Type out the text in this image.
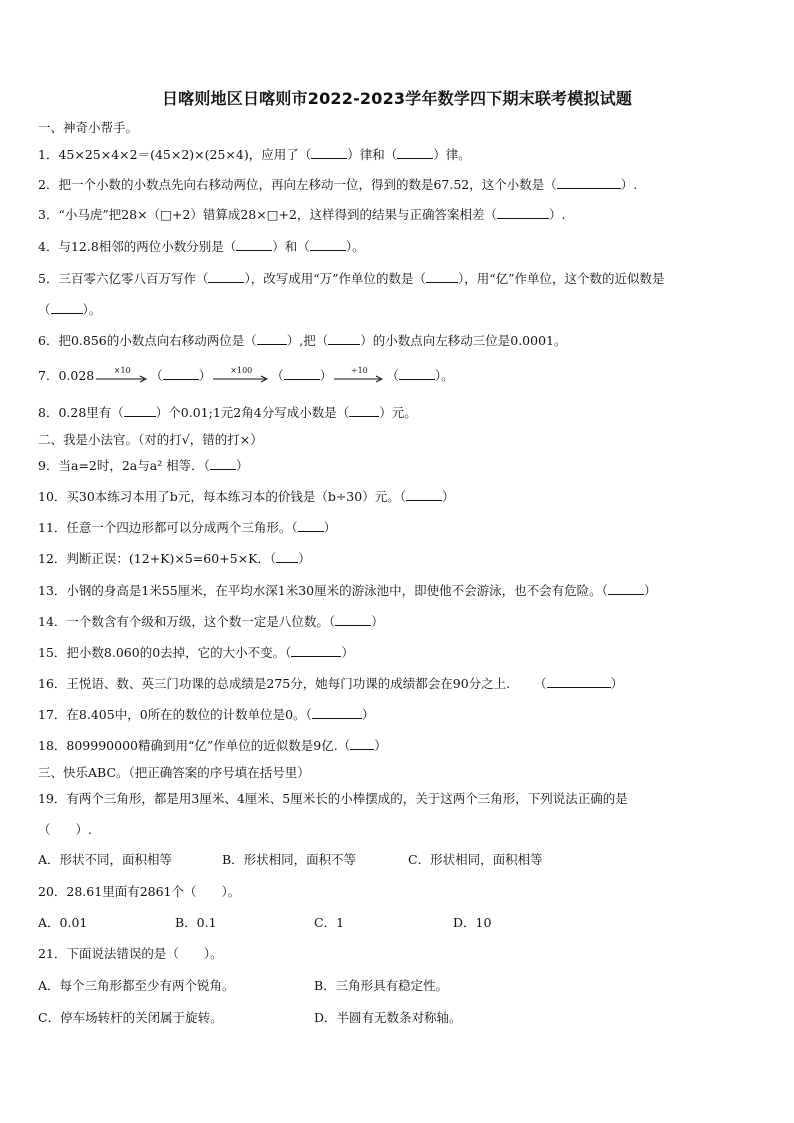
日喀则地区日喀则市2022-2023学年数学四下期末联考模拟试题
一、神奇小帮手。
1．45×25×4×2＝(45×2)×(25×4)，应用了（	）律和（	）律。
2．把一个小数的小数点先向右移动两位，再向左移动一位，得到的数是67.52，这个小数是（	）.
3．“小马虎”把28×（□+2）错算成28×□+2，这样得到的结果与正确答案相差（	）.
4．与12.8相邻的两位小数分别是（	）和（	）。
5．三百零六亿零八百万写作（	），改写成用“万”作单位的数是（	），用“亿”作单位，这个数的近似数是
（	）。
6．把0.856的小数点向右移动两位是（ ）,把（	）的小数点向左移动三位是0.0001。
7．0.028	×10	（	）	×100	（	）	÷10	（	）。
8．0.28里有（	）个0.01;1元2角4分写成小数是（ ）元。
二、我是小法官。（对的打√，错的打×）
9．当a=2时，2a与a² 相等．（ ）
10．买30本练习本用了b元，每本练习本的价钱是（b÷30）元。（	）
11．任意一个四边形都可以分成两个三角形。（ ）
12．判断正误：(12+K)×5=60+5×K．（ ）
13．小钢的身高是1米55厘米，在平均水深1米30厘米的游泳池中，即使他不会游泳，也不会有危险。（	）
14．一个数含有个级和万级，这个数一定是八位数。（	）
15．把小数8.060的0去掉，它的大小不变。（	）
16．王悦语、数、英三门功课的总成绩是275分，她每门功课的成绩都会在90分之上. （	）
17．在8.405中，0所在的数位的计数单位是0。（	）
18．809990000精确到用“亿”作单位的近似数是9亿.（ ）
三、快乐ABC。（把正确答案的序号填在括号里）
19．有两个三角形，都是用3厘米、4厘米、5厘米长的小棒摆成的，关于这两个三角形，下列说法正确的是
（　　）.
A．形状不同，面积相等	B．形状相同，面积不等	C．形状相同，面积相等
20．28.61里面有2861个（　　）。
A．0.01	B．0.1	C．1	D．10
21．下面说法错误的是（　　）。
A．每个三角形都至少有两个锐角。	B．三角形具有稳定性。
C．停车场转杆的关闭属于旋转。	D．半圆有无数条对称轴。
